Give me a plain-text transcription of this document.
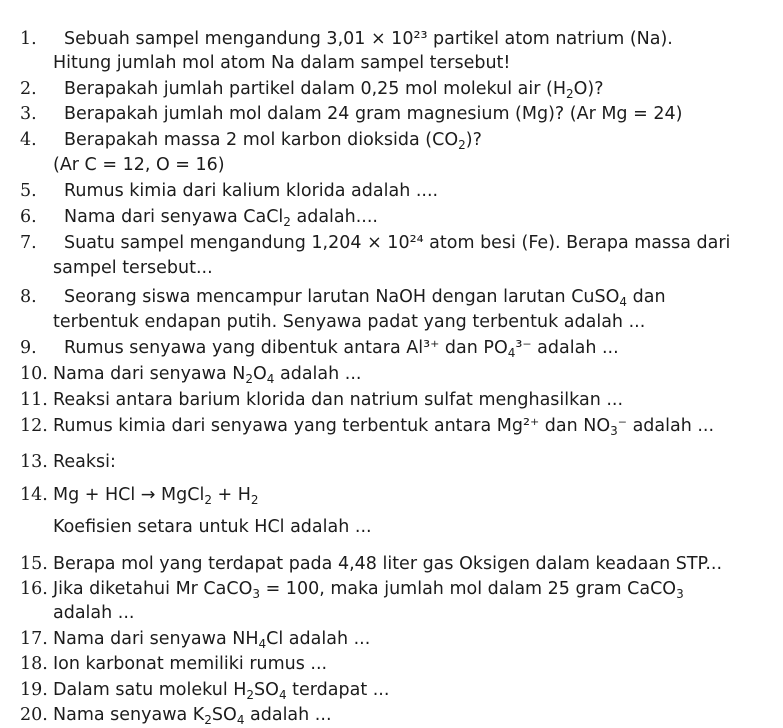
1. Sebuah sampel mengandung 3,01 × 10²³ partikel atom natrium (Na).
Hitung jumlah mol atom Na dalam sampel tersebut!
2. Berapakah jumlah partikel dalam 0,25 mol molekul air $(H_2O)$?
3. Berapakah jumlah mol dalam 24 gram magnesium (Mg)? (Ar Mg = 24)
4. Berapakah massa 2 mol karbon dioksida $(CO_2)$?
(Ar C = 12, O = 16)
5. Rumus kimia dari kalium klorida adalah ....
6. Nama dari senyawa CaCl$_2$ adalah....
7. Suatu sampel mengandung 1,204 × 10²⁴ atom besi (Fe). Berapa massa dari
sampel tersebut...
8. Seorang siswa mencampur larutan NaOH dengan larutan CuSO$_4$ dan
terbentuk endapan putih. Senyawa padat yang terbentuk adalah ...
9. Rumus senyawa yang dibentuk antara Al³⁺ dan $PO_4^{3-}$ adalah ...
10. Nama dari senyawa $N_2O_4$ adalah ...
11. Reaksi antara barium klorida dan natrium sulfat menghasilkan ...
12. Rumus kimia dari senyawa yang terbentuk antara Mg²⁺ dan $NO_3^-$ adalah ...
13. Reaksi:
14. Mg + HCl → MgCl$_2$ + $H_2$
Koefisien setara untuk HCl adalah ...
15. Berapa mol yang terdapat pada 4,48 liter gas Oksigen dalam keadaan STP...
16. Jika diketahui Mr CaCO$_3$ = 100, maka jumlah mol dalam 25 gram CaCO$_3$
adalah ...
17. Nama dari senyawa $NH_4Cl$ adalah ...
18. Ion karbonat memiliki rumus ...
19. Dalam satu molekul $H_2SO_4$ terdapat ...
20. Nama senyawa $K_2SO_4$ adalah ...
